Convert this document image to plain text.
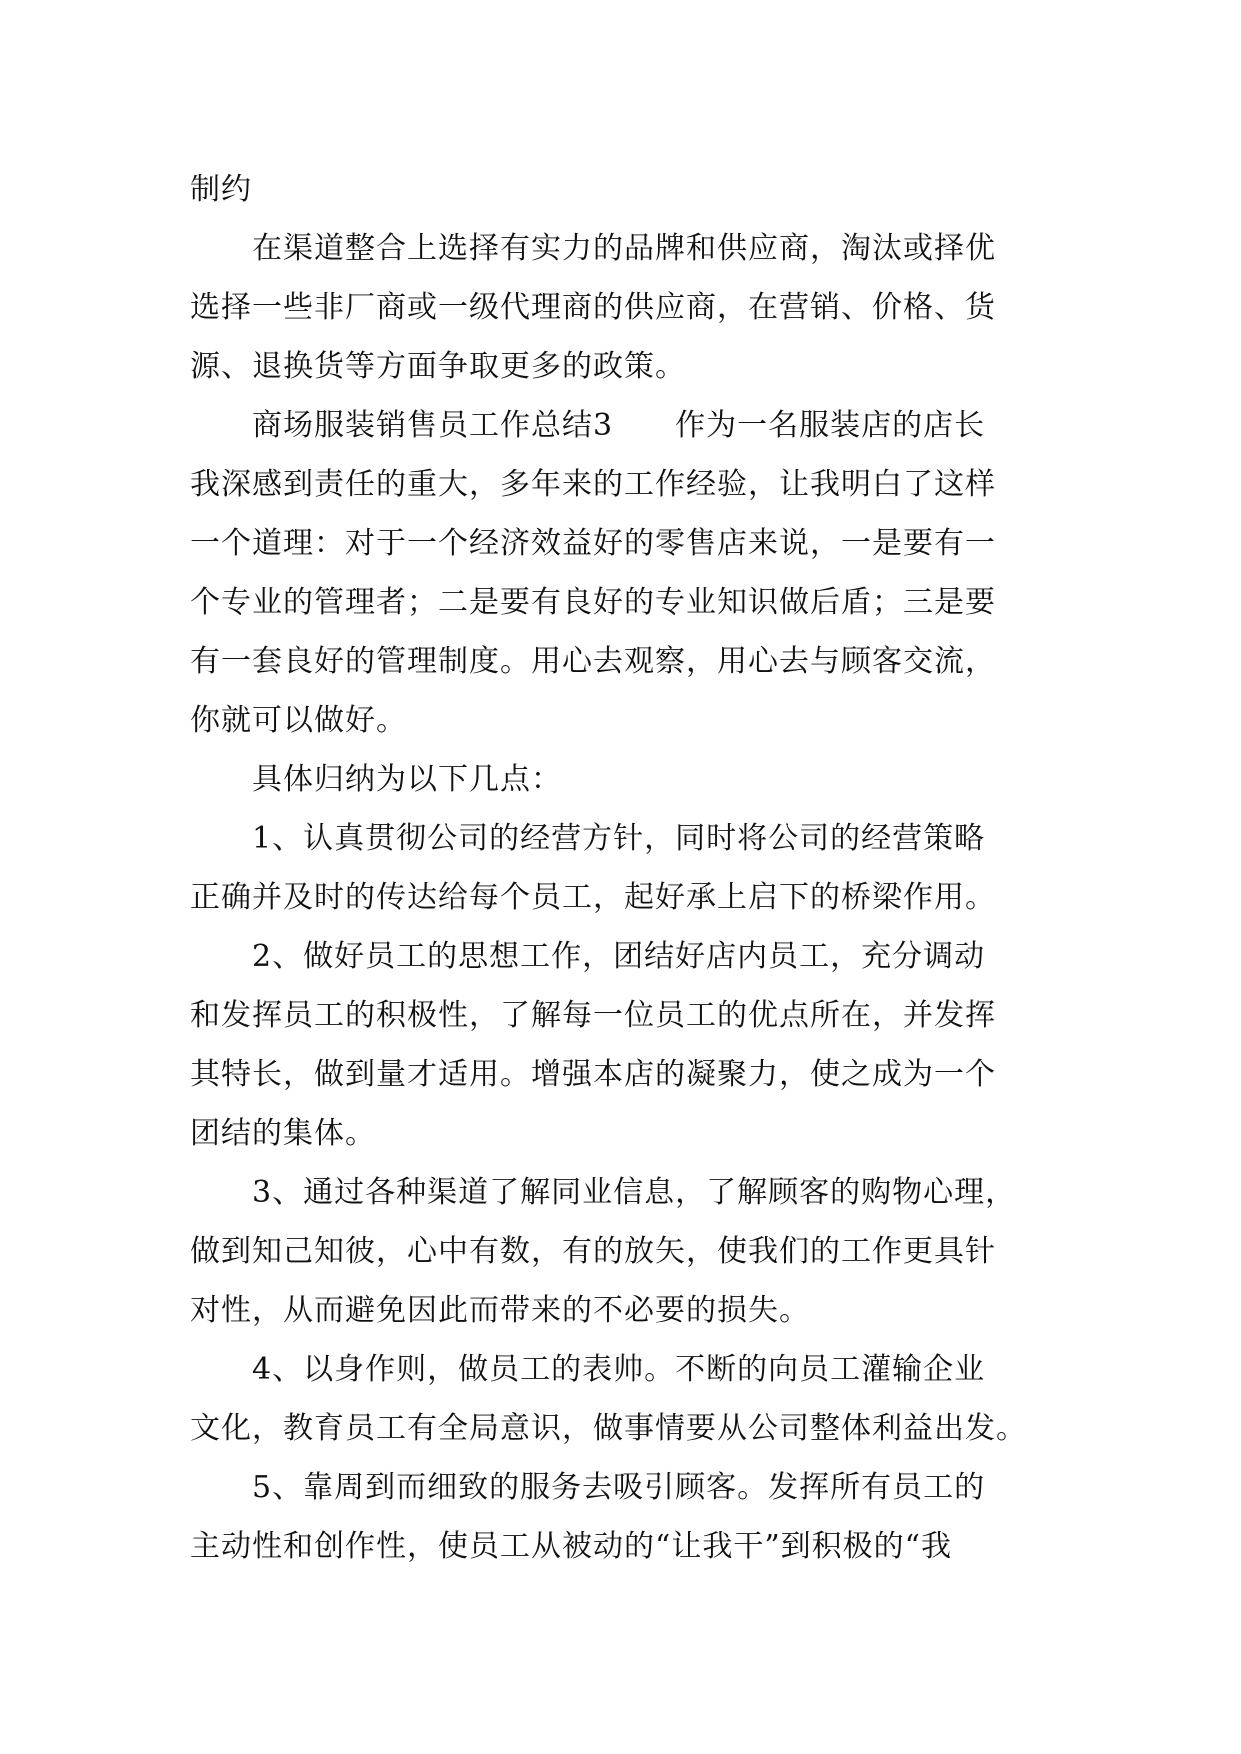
制约
　　在渠道整合上选择有实力的品牌和供应商，淘汰或择优
选择一些非厂商或一级代理商的供应商，在营销、价格、货
源、退换货等方面争取更多的政策。
　　商场服装销售员工作总结3　　作为一名服装店的店长
我深感到责任的重大，多年来的工作经验，让我明白了这样
一个道理：对于一个经济效益好的零售店来说，一是要有一
个专业的管理者；二是要有良好的专业知识做后盾；三是要
有一套良好的管理制度。用心去观察，用心去与顾客交流，
你就可以做好。
　　具体归纳为以下几点：
　　1、认真贯彻公司的经营方针，同时将公司的经营策略
正确并及时的传达给每个员工，起好承上启下的桥梁作用。
　　2、做好员工的思想工作，团结好店内员工，充分调动
和发挥员工的积极性，了解每一位员工的优点所在，并发挥
其特长，做到量才适用。增强本店的凝聚力，使之成为一个
团结的集体。
　　3、通过各种渠道了解同业信息，了解顾客的购物心理，
做到知己知彼，心中有数，有的放矢，使我们的工作更具针
对性，从而避免因此而带来的不必要的损失。
　　4、以身作则，做员工的表帅。不断的向员工灌输企业
文化，教育员工有全局意识，做事情要从公司整体利益出发。
　　5、靠周到而细致的服务去吸引顾客。发挥所有员工的
主动性和创作性，使员工从被动的“让我干”到积极的“我
